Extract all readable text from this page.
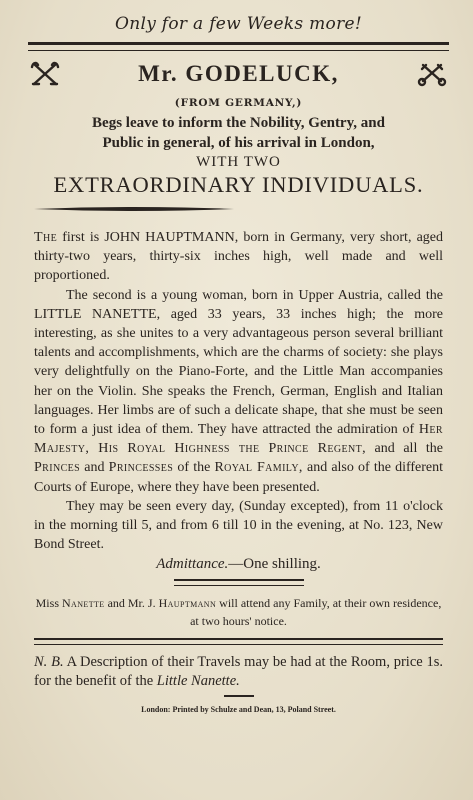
Only for a few Weeks more!
Mr. GODELUCK,
(FROM GERMANY,)
Begs leave to inform the Nobility, Gentry, and
Public in general, of his arrival in London,
WITH TWO
EXTRAORDINARY INDIVIDUALS.

The first is JOHN HAUPTMANN, born in Germany, very short, aged thirty-two years, thirty-six inches high, well made and well proportioned.

The second is a young woman, born in Upper Austria, called the LITTLE NANETTE, aged 33 years, 33 inches high; the more interesting, as she unites to a very advantageous person several brilliant talents and accomplishments, which are the charms of society: she plays very delightfully on the Piano-Forte, and the Little Man accompanies her on the Violin. She speaks the French, German, English and Italian languages. Her limbs are of such a delicate shape, that she must be seen to form a just idea of them. They have attracted the admiration of Her Majesty, His Royal Highness the Prince Regent, and all the Princes and Princesses of the Royal Family, and also of the different Courts of Europe, where they have been presented.

They may be seen every day, (Sunday excepted), from 11 o'clock in the morning till 5, and from 6 till 10 in the evening, at No. 123, New Bond Street.

Admittance.—One shilling.
Miss Nanette and Mr. J. Hauptmann will attend any Family, at their own residence, at two hours' notice.
N. B. A Description of their Travels may be had at the Room, price 1s. for the benefit of the Little Nanette.
London: Printed by Schulze and Dean, 13, Poland Street.
